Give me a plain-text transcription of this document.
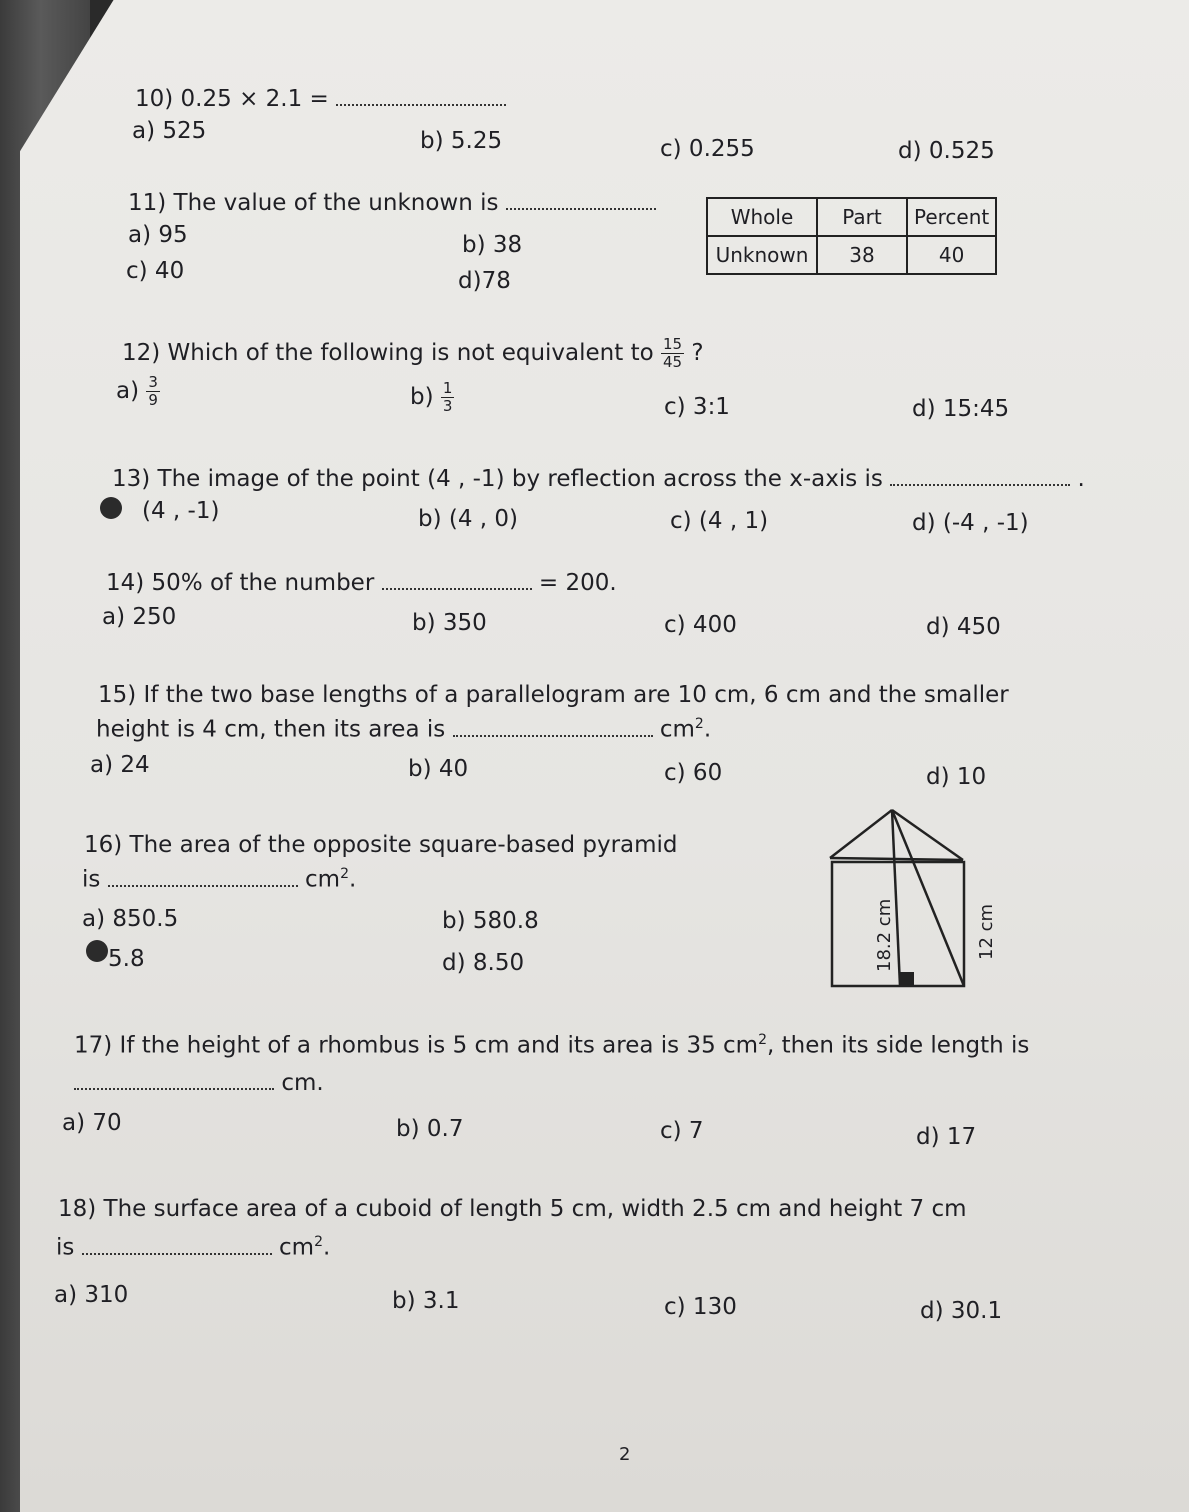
10) 0.25 × 2.1 =
a) 525	b) 5.25	c) 0.255	d) 0.525
11) The value of the unknown is
a) 95	b) 38
c) 40	d)78
Whole	Part	Percent
Unknown	38	40
12) Which of the following is not equivalent to $\frac{15}{45}$ ?
$a) \frac{3}{9}$	$b) \frac{1}{3}$	c) 3:1	d) 15:45
13) The image of the point (4 , -1) by reflection across the x-axis is	.
(4 , -1)	b) (4 , 0)	c) (4 , 1)	d) (-4 , -1)
14) 50% of the number	= 200.
a) 250	b) 350	c) 400	d) 450
15) If the two base lengths of a parallelogram are 10 cm, 6 cm and the smaller
height is 4 cm, then its area is	$cm^2$.
a) 24	b) 40	c) 60	d) 10
16) The area of the opposite square-based pyramid
is	$cm^2$.
a) 850.5	b) 580.8
5.8	d) 8.50	18.2 cm	12 cm
17) If the height of a rhombus is 5 cm and its area is 35 $cm^2$, then its side length is
cm.
a) 70	b) 0.7	c) 7	d) 17
18) The surface area of a cuboid of length 5 cm, width 2.5 cm and height 7 cm
is	$cm^2$.
a) 310	b) 3.1	c) 130	d) 30.1
2
